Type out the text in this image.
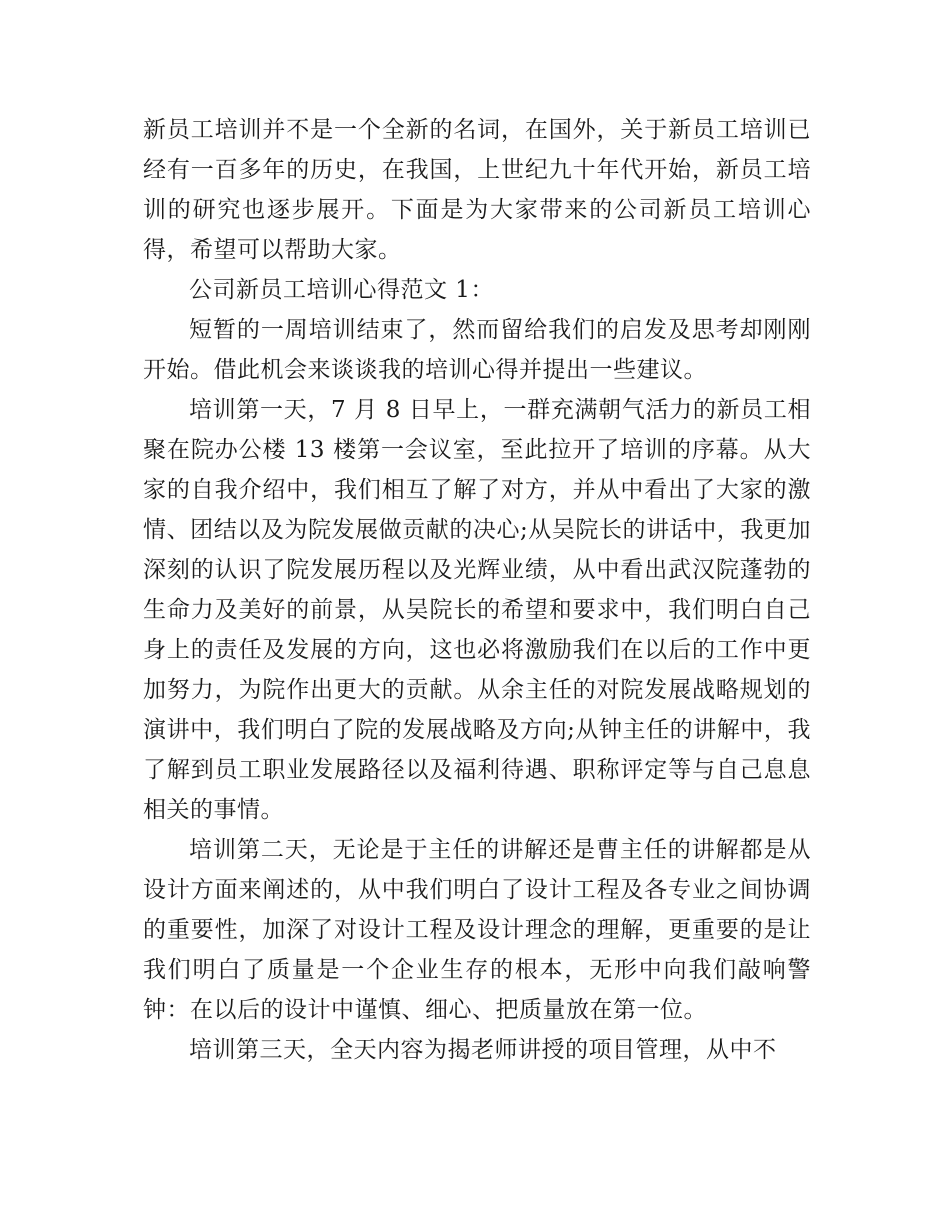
新员工培训并不是一个全新的名词，在国外，关于新员工培训已经有一百多年的历史，在我国，上世纪九十年代开始，新员工培训的研究也逐步展开。下面是为大家带来的公司新员工培训心得，希望可以帮助大家。

公司新员工培训心得范文 1：

短暂的一周培训结束了，然而留给我们的启发及思考却刚刚开始。借此机会来谈谈我的培训心得并提出一些建议。

培训第一天，7 月 8 日早上，一群充满朝气活力的新员工相聚在院办公楼 13 楼第一会议室，至此拉开了培训的序幕。从大家的自我介绍中，我们相互了解了对方，并从中看出了大家的激情、团结以及为院发展做贡献的决心;从吴院长的讲话中，我更加深刻的认识了院发展历程以及光辉业绩，从中看出武汉院蓬勃的生命力及美好的前景，从吴院长的希望和要求中，我们明白自己身上的责任及发展的方向，这也必将激励我们在以后的工作中更加努力，为院作出更大的贡献。从余主任的对院发展战略规划的演讲中，我们明白了院的发展战略及方向;从钟主任的讲解中，我了解到员工职业发展路径以及福利待遇、职称评定等与自己息息相关的事情。

培训第二天，无论是于主任的讲解还是曹主任的讲解都是从设计方面来阐述的，从中我们明白了设计工程及各专业之间协调的重要性，加深了对设计工程及设计理念的理解，更重要的是让我们明白了质量是一个企业生存的根本，无形中向我们敲响警钟：在以后的设计中谨慎、细心、把质量放在第一位。

培训第三天，全天内容为揭老师讲授的项目管理，从中不
